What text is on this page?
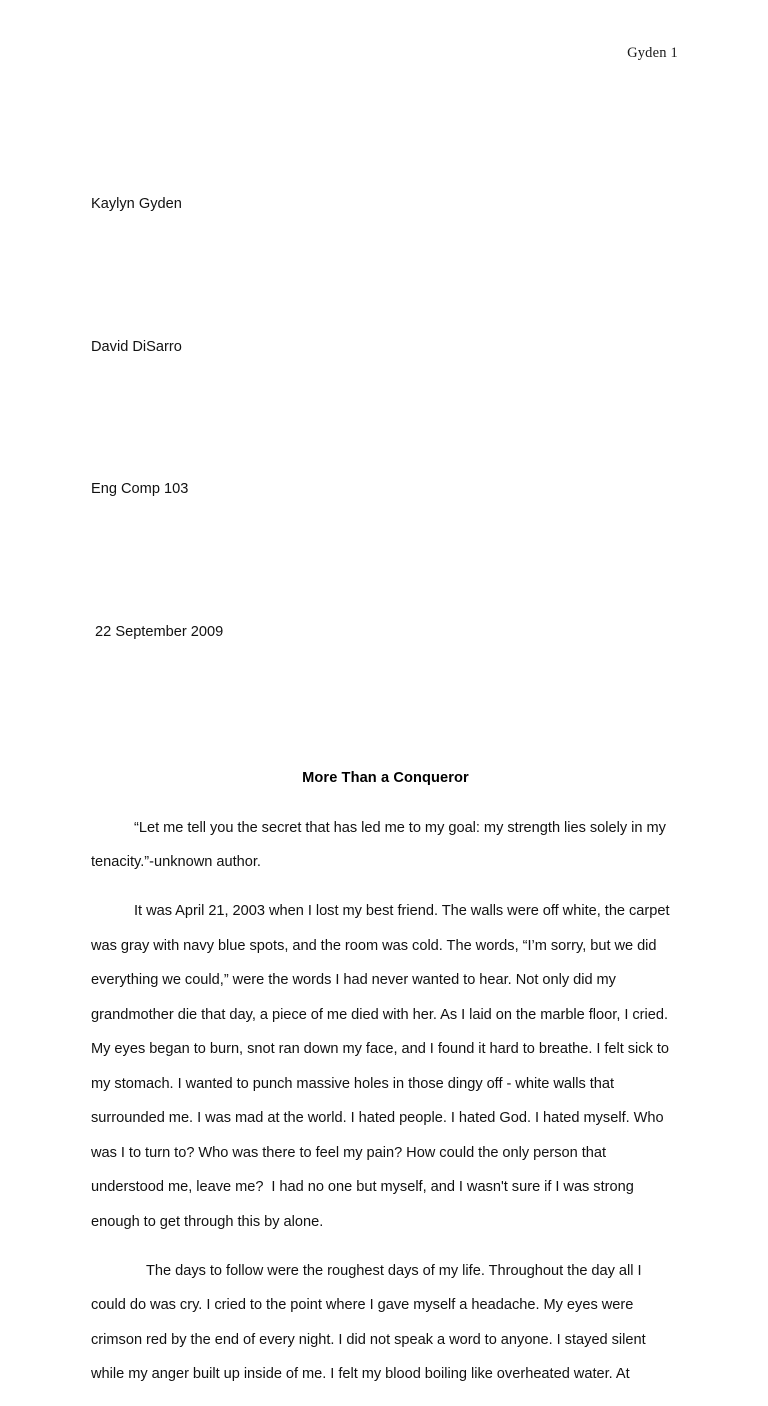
Gyden 1

Kaylyn Gyden

David DiSarro

Eng Comp 103

22 September 2009

More Than a Conqueror

“Let me tell you the secret that has led me to my goal: my strength lies solely in my tenacity.”-unknown author.

It was April 21, 2003 when I lost my best friend. The walls were off white, the carpet was gray with navy blue spots, and the room was cold. The words, “I’m sorry, but we did everything we could,” were the words I had never wanted to hear. Not only did my grandmother die that day, a piece of me died with her. As I laid on the marble floor, I cried. My eyes began to burn, snot ran down my face, and I found it hard to breathe. I felt sick to my stomach. I wanted to punch massive holes in those dingy off - white walls that surrounded me. I was mad at the world. I hated people. I hated God. I hated myself. Who was I to turn to? Who was there to feel my pain? How could the only person that understood me, leave me?  I had no one but myself, and I wasn't sure if I was strong enough to get through this by alone.

The days to follow were the roughest days of my life. Throughout the day all I could do was cry. I cried to the point where I gave myself a headache. My eyes were crimson red by the end of every night. I did not speak a word to anyone. I stayed silent while my anger built up inside of me. I felt my blood boiling like overheated water. At
